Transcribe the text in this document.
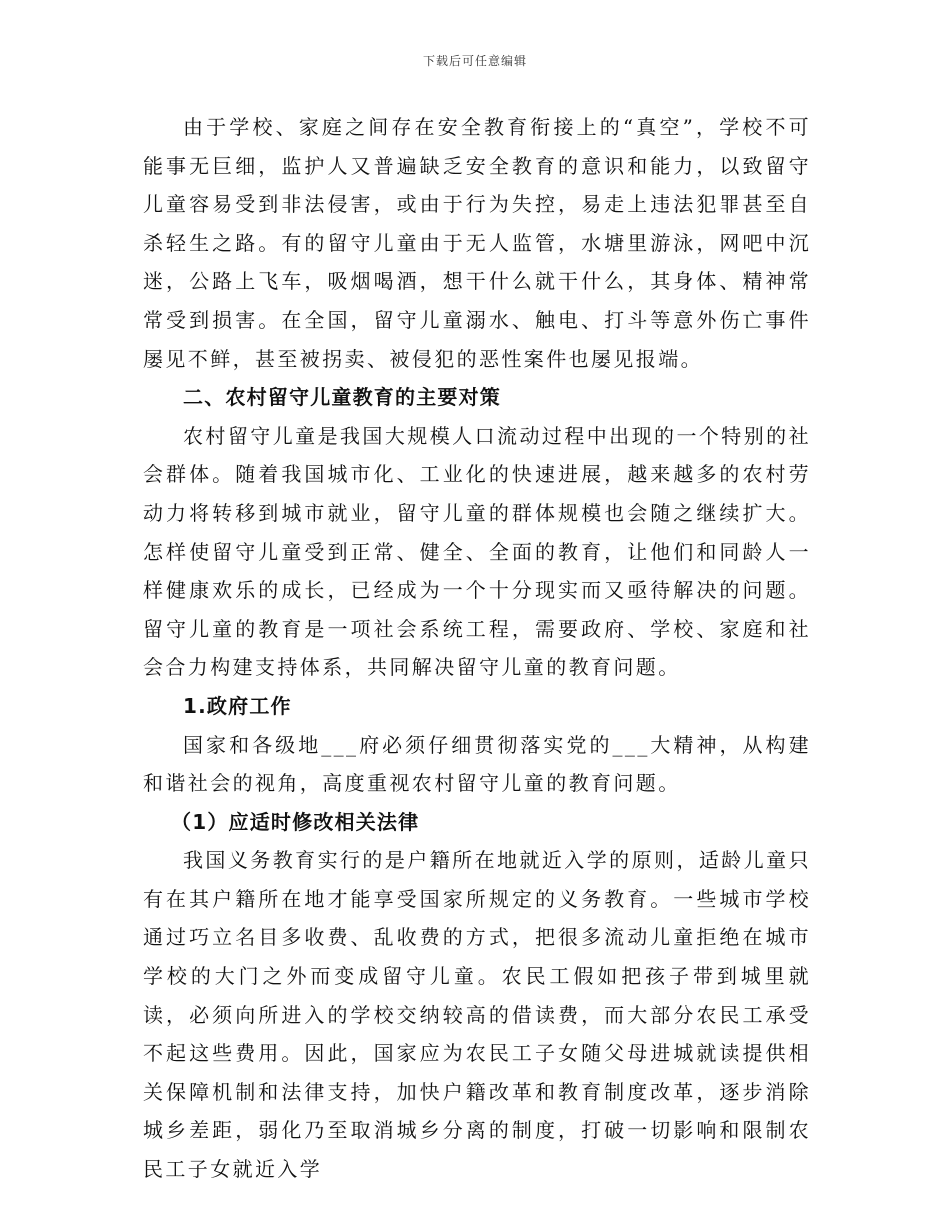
下载后可任意编辑

由于学校、家庭之间存在安全教育衔接上的“真空”，学校不可能事无巨细，监护人又普遍缺乏安全教育的意识和能力，以致留守儿童容易受到非法侵害，或由于行为失控，易走上违法犯罪甚至自杀轻生之路。有的留守儿童由于无人监管，水塘里游泳，网吧中沉迷，公路上飞车，吸烟喝酒，想干什么就干什么，其身体、精神常常受到损害。在全国，留守儿童溺水、触电、打斗等意外伤亡事件屡见不鲜，甚至被拐卖、被侵犯的恶性案件也屡见报端。

二、农村留守儿童教育的主要对策

农村留守儿童是我国大规模人口流动过程中出现的一个特别的社会群体。随着我国城市化、工业化的快速进展，越来越多的农村劳动力将转移到城市就业，留守儿童的群体规模也会随之继续扩大。怎样使留守儿童受到正常、健全、全面的教育，让他们和同龄人一样健康欢乐的成长，已经成为一个十分现实而又亟待解决的问题。留守儿童的教育是一项社会系统工程，需要政府、学校、家庭和社会合力构建支持体系，共同解决留守儿童的教育问题。

1.政府工作

国家和各级地___府必须仔细贯彻落实党的___大精神，从构建和谐社会的视角，高度重视农村留守儿童的教育问题。

（1）应适时修改相关法律

我国义务教育实行的是户籍所在地就近入学的原则，适龄儿童只有在其户籍所在地才能享受国家所规定的义务教育。一些城市学校通过巧立名目多收费、乱收费的方式，把很多流动儿童拒绝在城市学校的大门之外而变成留守儿童。农民工假如把孩子带到城里就读，必须向所进入的学校交纳较高的借读费，而大部分农民工承受不起这些费用。因此，国家应为农民工子女随父母进城就读提供相关保障机制和法律支持，加快户籍改革和教育制度改革，逐步消除城乡差距，弱化乃至取消城乡分离的制度，打破一切影响和限制农民工子女就近入学
